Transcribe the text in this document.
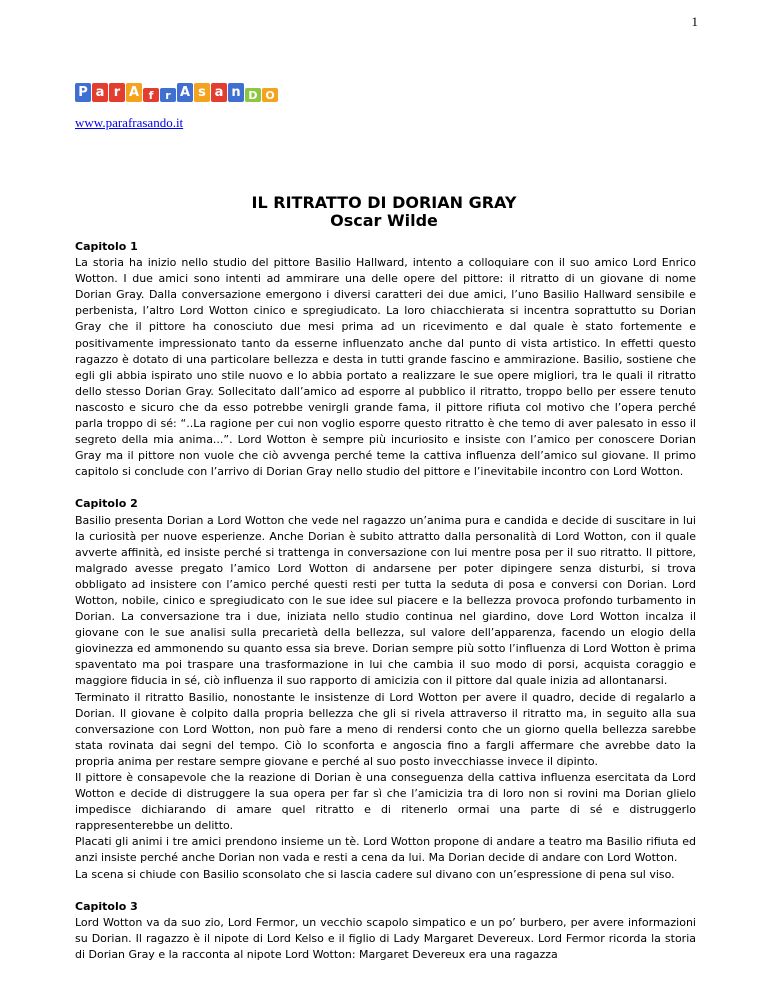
1
P a r A f	r A s a n D O
www.parafrasando.it
IL RITRATTO DI DORIAN GRAY
Oscar Wilde
Capitolo 1

La storia ha inizio nello studio del pittore Basilio Hallward, intento a colloquiare con il suo amico Lord Enrico Wotton. I due amici sono intenti ad ammirare una delle opere del pittore: il ritratto di un giovane di nome Dorian Gray. Dalla conversazione emergono i diversi caratteri dei due amici, l’uno Basilio Hallward sensibile e perbenista, l’altro Lord Wotton cinico e spregiudicato. La loro chiacchierata si incentra soprattutto su Dorian Gray che il pittore ha conosciuto due mesi prima ad un ricevimento e dal quale è stato fortemente e positivamente impressionato tanto da esserne influenzato anche dal punto di vista artistico. In effetti questo ragazzo è dotato di una particolare bellezza e desta in tutti grande fascino e ammirazione. Basilio, sostiene che egli gli abbia ispirato uno stile nuovo e lo abbia portato a realizzare le sue opere migliori, tra le quali il ritratto dello stesso Dorian Gray. Sollecitato dall’amico ad esporre al pubblico il ritratto, troppo bello per essere tenuto nascosto e sicuro che da esso potrebbe venirgli grande fama, il pittore rifiuta col motivo che l’opera perché parla troppo di sé: “..La ragione per cui non voglio esporre questo ritratto è che temo di aver palesato in esso il segreto della mia anima...”. Lord Wotton è sempre più incuriosito e insiste con l’amico per conoscere Dorian Gray ma il pittore non vuole che ciò avvenga perché teme la cattiva influenza dell’amico sul giovane. Il primo capitolo si conclude con l’arrivo di Dorian Gray nello studio del pittore e l’inevitabile incontro con Lord Wotton.

Capitolo 2

Basilio presenta Dorian a Lord Wotton che vede nel ragazzo un’anima pura e candida e decide di suscitare in lui la curiosità per nuove esperienze. Anche Dorian è subito attratto dalla personalità di Lord Wotton, con il quale avverte affinità, ed insiste perché si trattenga in conversazione con lui mentre posa per il suo ritratto. Il pittore, malgrado avesse pregato l’amico Lord Wotton di andarsene per poter dipingere senza disturbi, si trova obbligato ad insistere con l’amico perché questi resti per tutta la seduta di posa e conversi con Dorian. Lord Wotton, nobile, cinico e spregiudicato con le sue idee sul piacere e la bellezza provoca profondo turbamento in Dorian. La conversazione tra i due, iniziata nello studio continua nel giardino, dove Lord Wotton incalza il giovane con le sue analisi sulla precarietà della bellezza, sul valore dell’apparenza, facendo un elogio della giovinezza ed ammonendo su quanto essa sia breve. Dorian sempre più sotto l’influenza di Lord Wotton è prima spaventato ma poi traspare una trasformazione in lui che cambia il suo modo di porsi, acquista coraggio e maggiore fiducia in sé, ciò influenza il suo rapporto di amicizia con il pittore dal quale inizia ad allontanarsi.

Terminato il ritratto Basilio, nonostante le insistenze di Lord Wotton per avere il quadro, decide di regalarlo a Dorian. Il giovane è colpito dalla propria bellezza che gli si rivela attraverso il ritratto ma, in seguito alla sua conversazione con Lord Wotton, non può fare a meno di rendersi conto che un giorno quella bellezza sarebbe stata rovinata dai segni del tempo. Ciò lo sconforta e angoscia fino a fargli affermare che avrebbe dato la propria anima per restare sempre giovane e perché al suo posto invecchiasse invece il dipinto.

Il pittore è consapevole che la reazione di Dorian è una conseguenza della cattiva influenza esercitata da Lord Wotton e decide di distruggere la sua opera per far sì che l’amicizia tra di loro non si rovini ma Dorian glielo impedisce dichiarando di amare quel ritratto e di ritenerlo ormai una parte di sé e distruggerlo rappresenterebbe un delitto.

Placati gli animi i tre amici prendono insieme un tè. Lord Wotton propone di andare a teatro ma Basilio rifiuta ed anzi insiste perché anche Dorian non vada e resti a cena da lui. Ma Dorian decide di andare con Lord Wotton.

La scena si chiude con Basilio sconsolato che si lascia cadere sul divano con un’espressione di pena sul viso.

Capitolo 3

Lord Wotton va da suo zio, Lord Fermor, un vecchio scapolo simpatico e un po’ burbero, per avere informazioni su Dorian. Il ragazzo è il nipote di Lord Kelso e il figlio di Lady Margaret Devereux. Lord Fermor ricorda la storia di Dorian Gray e la racconta al nipote Lord Wotton: Margaret Devereux era una ragazza
